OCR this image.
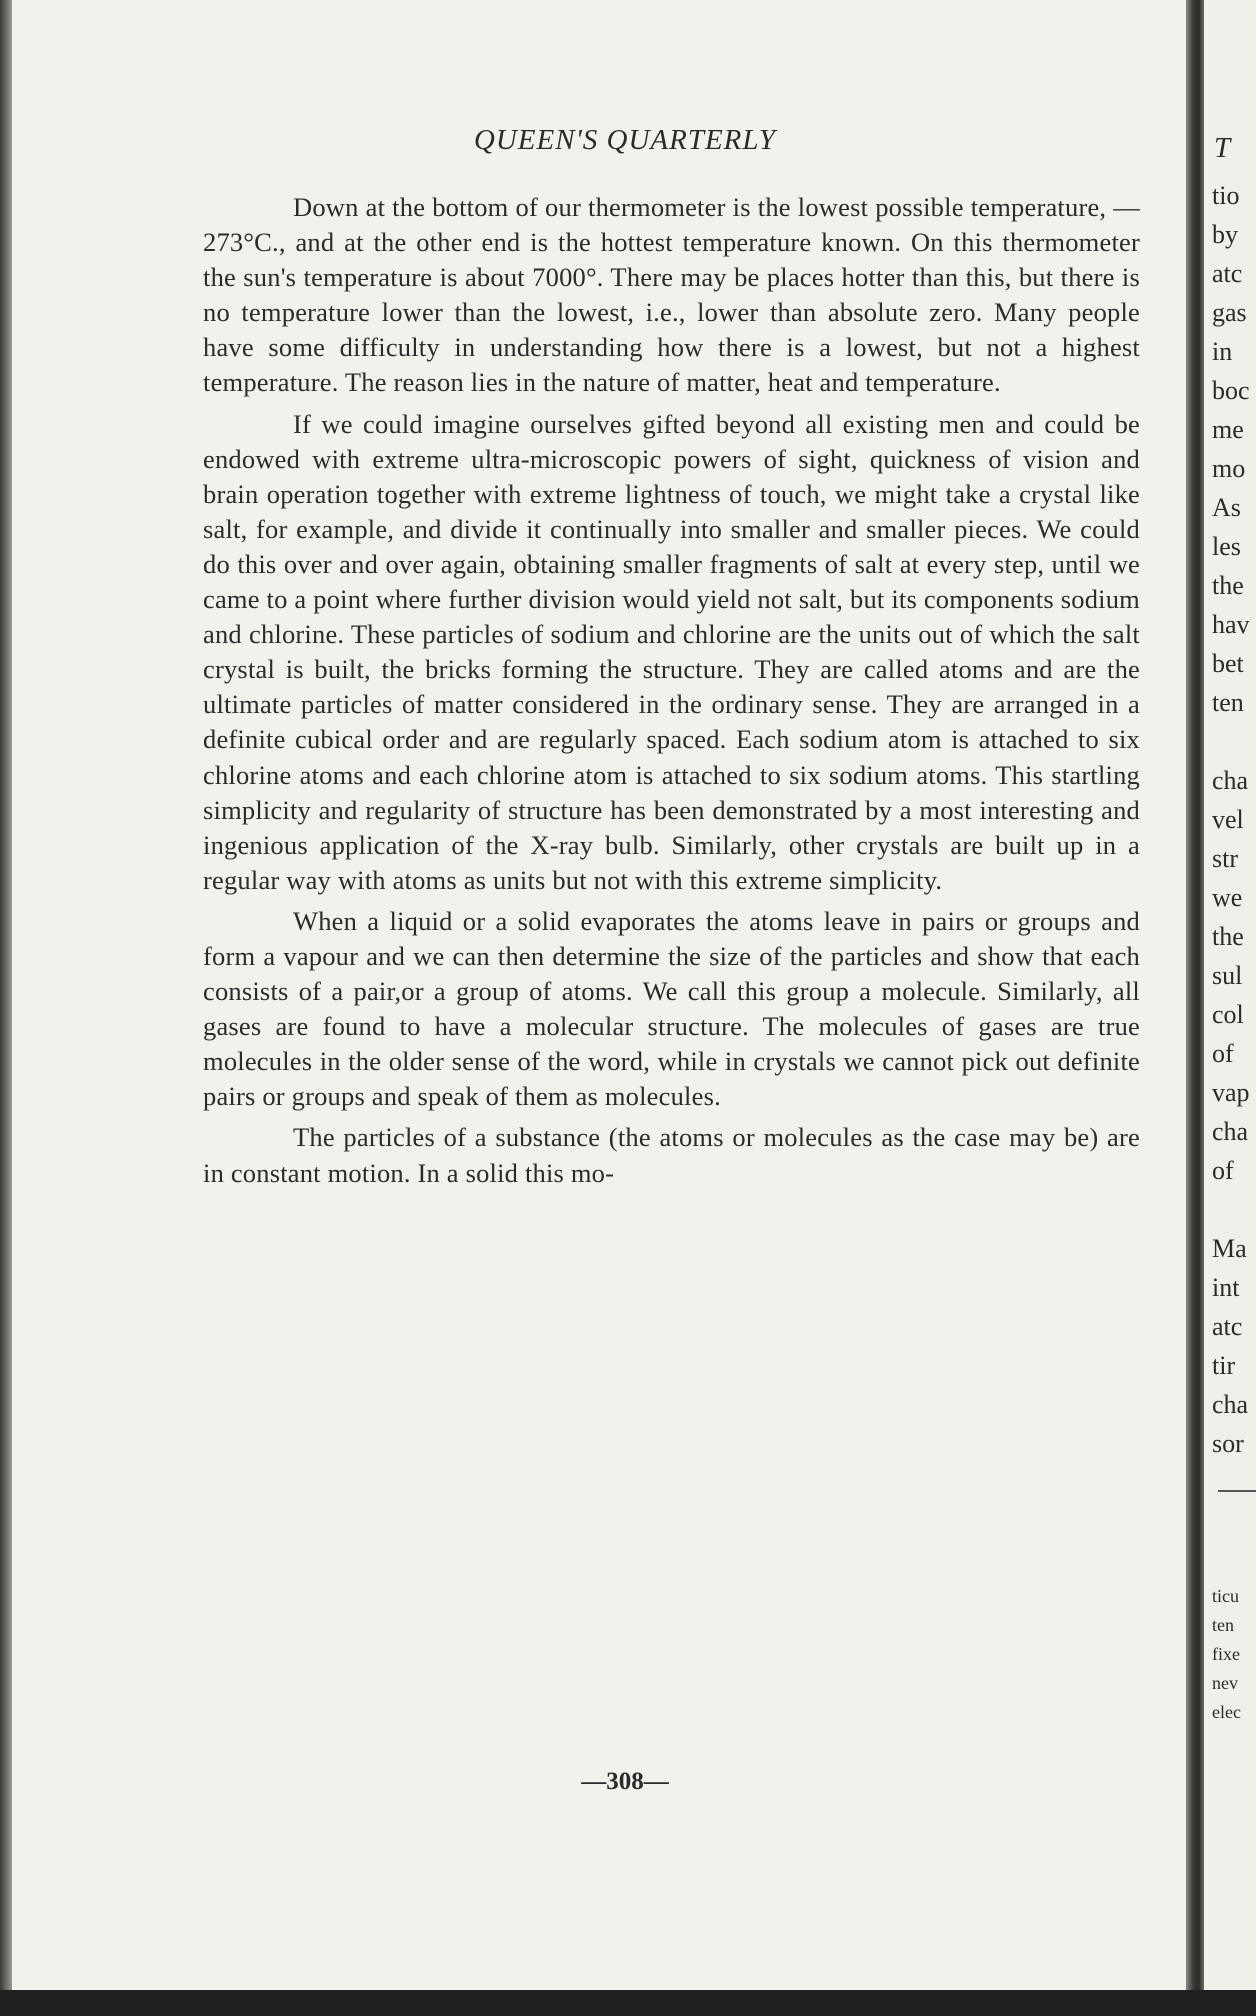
QUEEN'S QUARTERLY

Down at the bottom of our thermometer is the lowest possible temperature, —273°C., and at the other end is the hottest temperature known. On this thermometer the sun's temperature is about 7000°. There may be places hotter than this, but there is no temperature lower than the lowest, i.e., lower than absolute zero. Many people have some difficulty in understanding how there is a lowest, but not a highest temperature. The reason lies in the nature of matter, heat and temperature.

If we could imagine ourselves gifted beyond all existing men and could be endowed with extreme ultra-microscopic powers of sight, quickness of vision and brain operation together with extreme lightness of touch, we might take a crystal like salt, for example, and divide it continually into smaller and smaller pieces. We could do this over and over again, obtaining smaller fragments of salt at every step, until we came to a point where further division would yield not salt, but its components sodium and chlorine. These particles of sodium and chlorine are the units out of which the salt crystal is built, the bricks forming the structure. They are called atoms and are the ultimate particles of matter considered in the ordinary sense. They are arranged in a definite cubical order and are regularly spaced. Each sodium atom is attached to six chlorine atoms and each chlorine atom is attached to six sodium atoms. This startling simplicity and regularity of structure has been demonstrated by a most interesting and ingenious application of the X-ray bulb. Similarly, other crystals are built up in a regular way with atoms as units but not with this extreme simplicity.

When a liquid or a solid evaporates the atoms leave in pairs or groups and form a vapour and we can then determine the size of the particles and show that each consists of a pair,or a group of atoms. We call this group a molecule. Similarly, all gases are found to have a molecular structure. The molecules of gases are true molecules in the older sense of the word, while in crystals we cannot pick out definite pairs or groups and speak of them as molecules.

The particles of a substance (the atoms or molecules as the case may be) are in constant motion. In a solid this mo-

—308—
T
tio
by
atc
gas
in
boc
me
mo
As
les
the
hav
bet
ten

cha
vel
str
we
the
sul
col
of
vap
cha
of

Ma
int
atc
tir
cha
sor
ticu
ten
fixe
nev
elec
